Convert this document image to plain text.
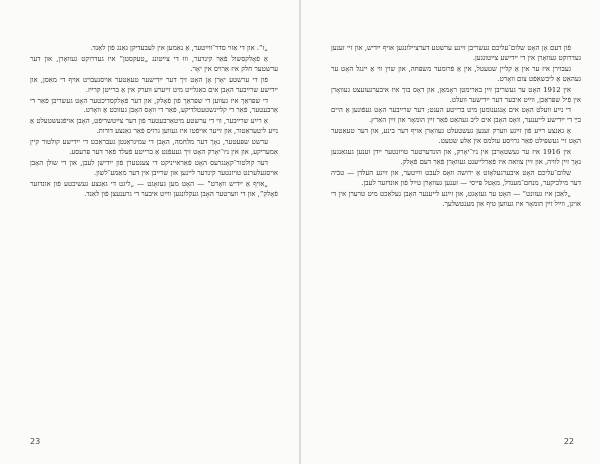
„ז”. און די אַזוי סדר־ווײַטער, אַ נאַמען אין לעבעדיקן גאַנג פֿון לאַנד.

אַ פֿאָלקסשול פֿאַר קינדער, וווּ די צײַטונג „טעקסטן” איז געדרוקט געוואָרן, און דער ערשטער חלק איז אַרויס אין יאָר.

פֿון די ערשטע יאָרן אָן האָט זיך דער ייִדישער טעאַטער אויסגעבויט אויף די מאַסן, און ייִדישע שרײַבער האָבן אים באַגלייט מיט זייערע ווערק אין אַ ברייטן קרײַז.

די שפּראַך איז געווען די שפּראַך פֿון פֿאָלק, און דער פֿאָלקסדיכטער האָט געשריבן פֿאַר די אַרבעטער, פֿאַר די קליינשטעטלדיקע, פֿאַר די וואָס האָבן געזוכט אַ וואָרט.

אַ רײַע שרײַבער, ווי די ערשטע מיטאַרבעטער פֿון דער צײַטשריפֿט, האָבן אויפֿגעשטעלט אַ נײַע ליטעראַטור, און זייער אויפֿטו איז געווען גרויס פֿאַר גאַנצע דורות.

ערשט שפּעטער, נאָך דער מלחמה, האָבן די עמיגראַנטן געבראַכט די ייִדישע קולטור קיין אַמעריקע, און אין ניו־יאָרק האָט זיך געעפֿנט אַ ברייטע פֿעלד פֿאַר דער פּרעסע.

דער קולטור־קאָנגרעס האָט פֿאַראייניקט די צענטערן פֿון ייִדישן לעבן, און די שולן האָבן אויסגעלערנט טויזנטער קינדער ליינען און שרײַבן אין דער מאַמע־לשון.

„אויף אַ ייִדיש וואָרט” — האָט מען געזאָגט — „ליגט די גאַנצע געשיכטע פֿון אונדזער פֿאָלק”, און די ווערטער האָבן געקלונגען ווײַט איבער די גרענעצן פֿון לאַנד.

23

פֿון דעם אָן האָט שלום־עליכם געשריבן זײַנע ערשטע דערציילונגען אויף ייִדיש, און זיי זענען געדרוקט געוואָרן אין די ייִדישע צײַטונגען.

געבוירן איז ער אין אַ קליין שטעטל, אין אַ פֿרומער משפּחה, און שוין ווי אַ יינגל האָט ער געהאַט אַ ליבשאַפֿט צום וואָרט.

אין 1912 האָט ער געשריבן זײַן באַרימטן ראָמאַן, און דאָס בוך איז איבערגעזעצט געוואָרן אין פֿיל שפּראַכן, ווײַט איבער דער ייִדישער וועלט.

די נײַע וועלט האָט אים אָנגענומען מיט ברייטע הענט; דער שרײַבער האָט געפֿונען אַ היים בײַ די ייִדישע לייענער, וואָס האָבן אים ליב געהאַט פֿאַר זײַן הומאָר און זײַן האַרץ.

אַ גאַנצע רײַע פֿון זײַנע ווערק זענען געשטעלט געוואָרן אויף דער בינע, און דער טעאַטער האָט זיי געשפּילט פֿאַר גרויסע עולמס אין אַלע שטעט.

אין 1916 איז ער געשטאָרבן אין ניו־יאָרק, און הונדערטער טויזנטער ייִדן זענען געגאַנגען נאָך זײַן לוויה, און זײַן צוואה איז פֿאַרלייענט געוואָרן פֿאַר דעם פֿאָלק.

שלום־עליכם האָט איבערגעלאָזט אַ ירושה וואָס לעבט ווײַטער, און זײַנע העלדן — טבֿיה דער מילכיקער, מנחם־מענדל, מאָטל פּייסי — זענען געוואָרן טײַל פֿון אונדזער לעבן.

„לאַכן איז געזונט” — האָט ער געזאָגט, און זײַנע לייענער האָבן געלאַכט מיט טרערן אין די אויגן, ווײַל זײַן הומאָר איז געווען טיף און מענטשלעך.

22
